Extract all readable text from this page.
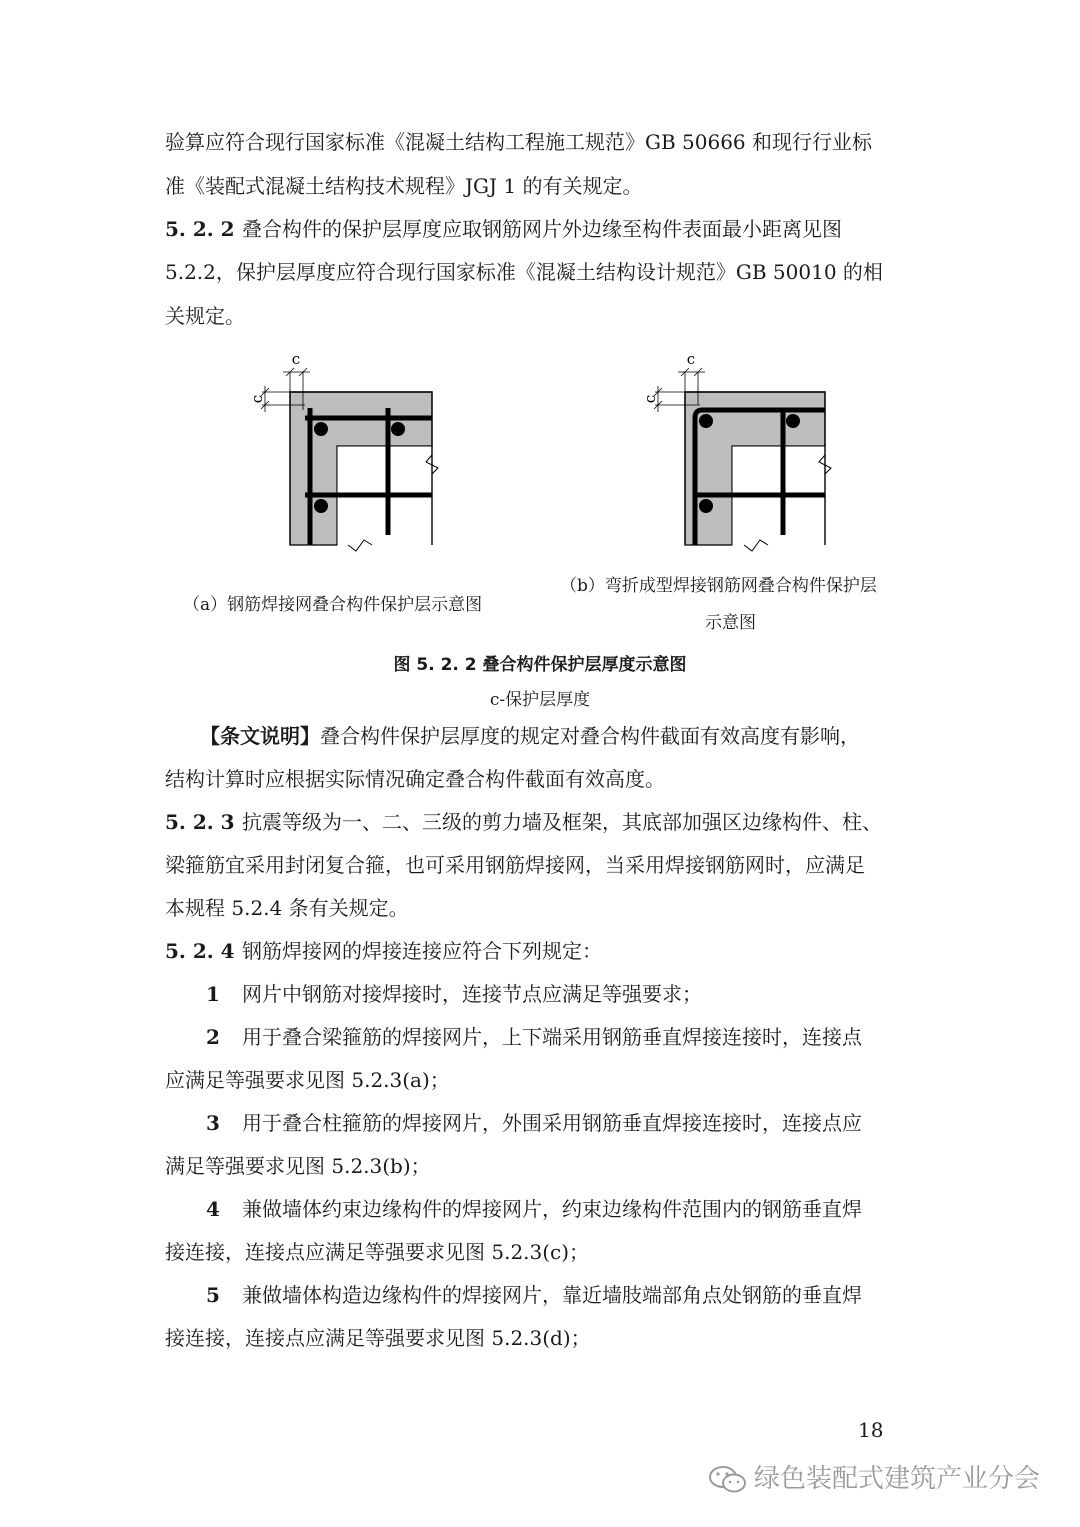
验算应符合现行国家标准《混凝土结构工程施工规范》GB 50666 和现行行业标
准《装配式混凝土结构技术规程》JGJ 1 的有关规定。
5. 2. 2 叠合构件的保护层厚度应取钢筋网片外边缘至构件表面最小距离见图
5.2.2，保护层厚度应符合现行国家标准《混凝土结构设计规范》GB 50010 的相
关规定。
c
c
c
c
（a）钢筋焊接网叠合构件保护层示意图
（b）弯折成型焊接钢筋网叠合构件保护层
示意图
图 5. 2. 2 叠合构件保护层厚度示意图
c-保护层厚度
【条文说明】叠合构件保护层厚度的规定对叠合构件截面有效高度有影响，
结构计算时应根据实际情况确定叠合构件截面有效高度。
5. 2. 3 抗震等级为一、二、三级的剪力墙及框架，其底部加强区边缘构件、柱、
梁箍筋宜采用封闭复合箍，也可采用钢筋焊接网，当采用焊接钢筋网时，应满足
本规程 5.2.4 条有关规定。
5. 2. 4 钢筋焊接网的焊接连接应符合下列规定：
1 网片中钢筋对接焊接时，连接节点应满足等强要求；
2 用于叠合梁箍筋的焊接网片，上下端采用钢筋垂直焊接连接时，连接点
应满足等强要求见图 5.2.3(a)；
3 用于叠合柱箍筋的焊接网片，外围采用钢筋垂直焊接连接时，连接点应
满足等强要求见图 5.2.3(b)；
4 兼做墙体约束边缘构件的焊接网片，约束边缘构件范围内的钢筋垂直焊
接连接，连接点应满足等强要求见图 5.2.3(c)；
5 兼做墙体构造边缘构件的焊接网片，靠近墙肢端部角点处钢筋的垂直焊
接连接，连接点应满足等强要求见图 5.2.3(d)；
18
绿色装配式建筑产业分会
